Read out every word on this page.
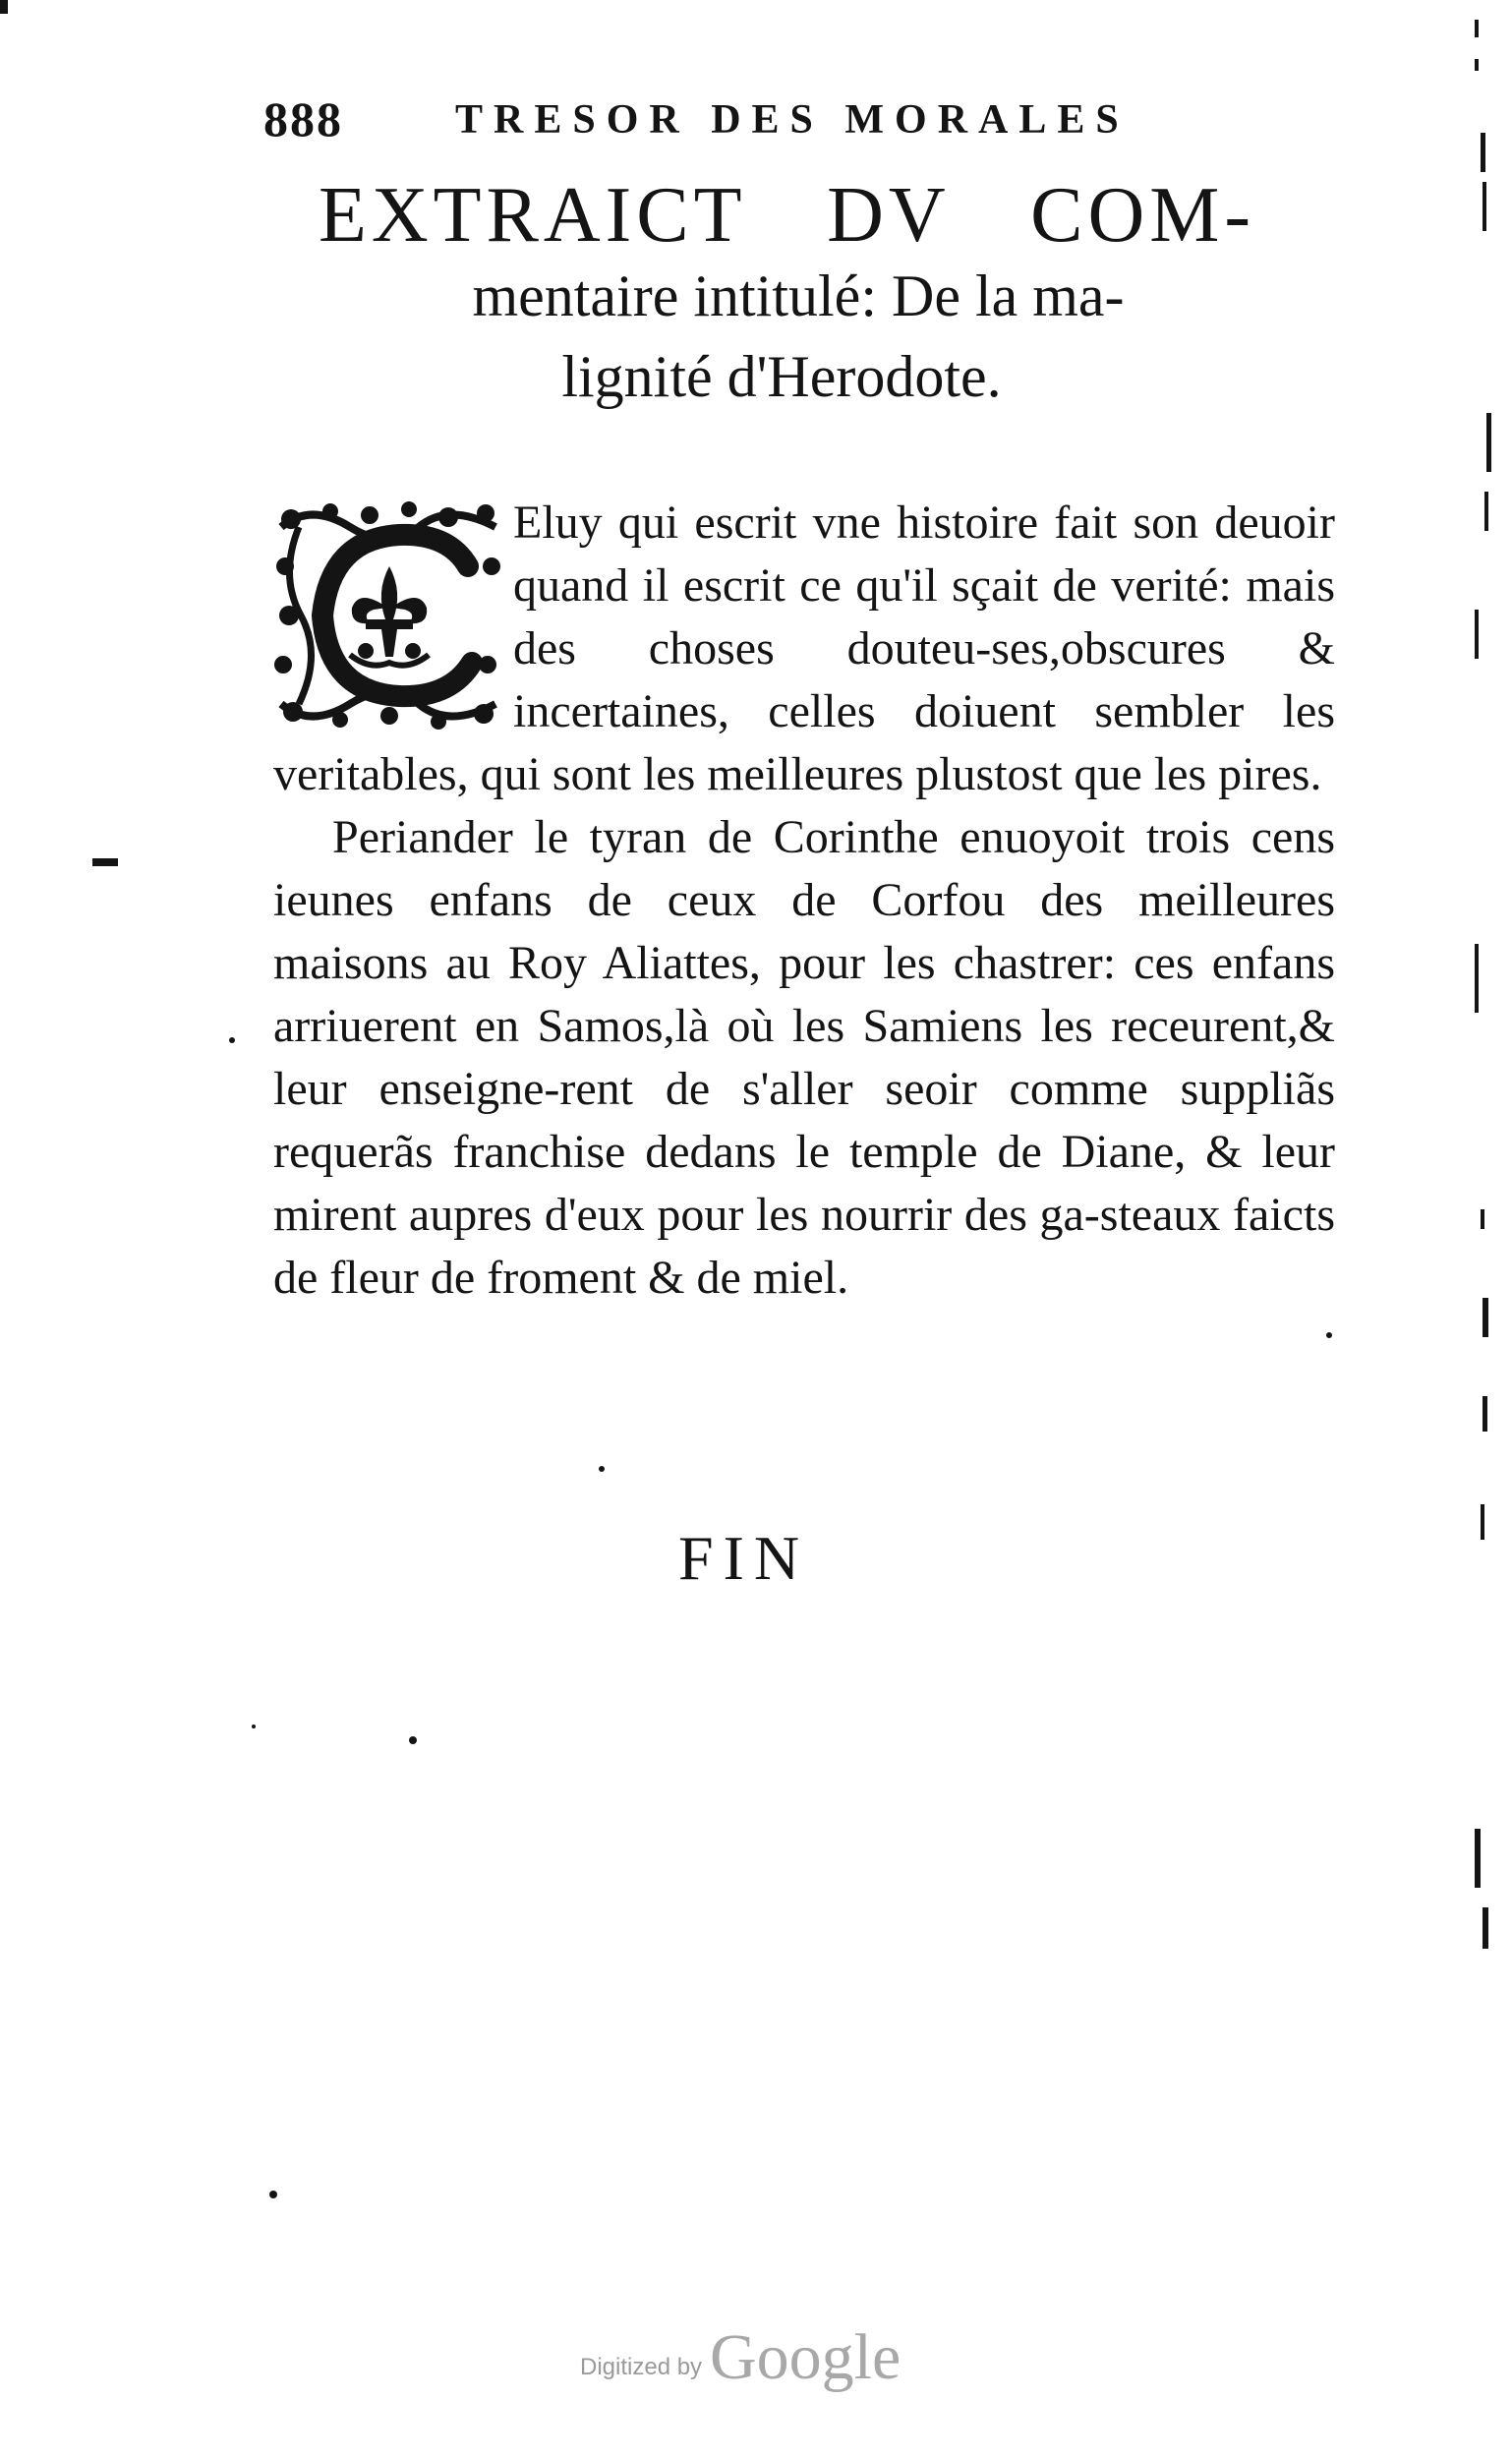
888	TRESOR DES MORALES
EXTRAICT DV COM-
mentaire intitulé: De la ma-
lignité d'Herodote.

Eluy qui escrit vne histoire fait son deuoir quand il escrit ce qu'il sçait de verité: mais des choses douteu-ses,obscures & incertaines, celles doiuent sembler les veritables, qui sont les meilleures plustost que les pires.

Periander le tyran de Corinthe enuoyoit trois cens ieunes enfans de ceux de Corfou des meilleures maisons au Roy Aliattes, pour les chastrer: ces enfans arriuerent en Samos,là où les Samiens les receurent,& leur enseigne-rent de s'aller seoir comme suppliãs requerãs franchise dedans le temple de Diane, & leur mirent aupres d'eux pour les nourrir des ga-steaux faicts de fleur de froment & de miel.

FIN
Digitized by Google
